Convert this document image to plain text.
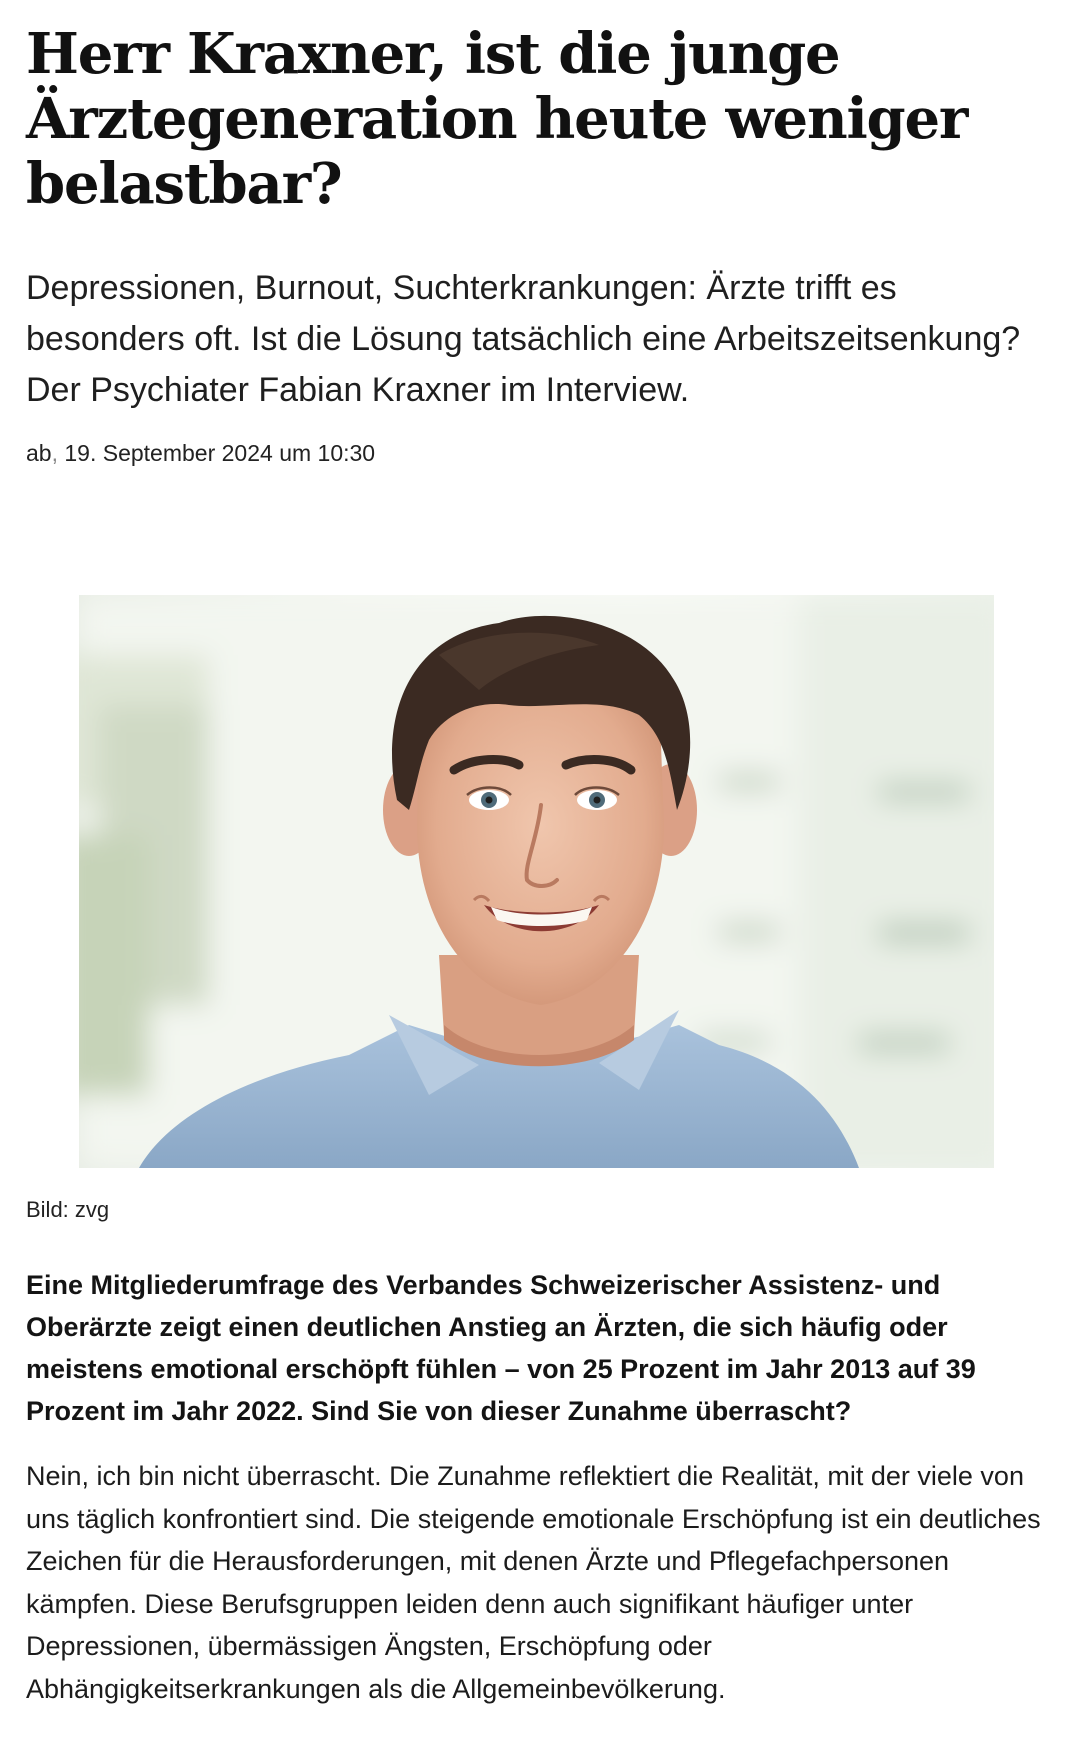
Herr Kraxner, ist die junge Ärztegeneration heute weniger belastbar?

Depressionen, Burnout, Suchterkrankungen: Ärzte trifft es besonders oft. Ist die Lösung tatsächlich eine Arbeitszeitsenkung? Der Psychiater Fabian Kraxner im Interview.

ab, 19. September 2024 um 10:30
Bild: zvg

Eine Mitgliederumfrage des Verbandes Schweizerischer Assistenz- und Oberärzte zeigt einen deutlichen Anstieg an Ärzten, die sich häufig oder meistens emotional erschöpft fühlen – von 25 Prozent im Jahr 2013 auf 39 Prozent im Jahr 2022. Sind Sie von dieser Zunahme überrascht?

Nein, ich bin nicht überrascht. Die Zunahme reflektiert die Realität, mit der viele von uns täglich konfrontiert sind. Die steigende emotionale Erschöpfung ist ein deutliches Zeichen für die Herausforderungen, mit denen Ärzte und Pflegefachpersonen kämpfen. Diese Berufsgruppen leiden denn auch signifikant häufiger unter Depressionen, übermässigen Ängsten, Erschöpfung oder Abhängigkeitserkrankungen als die Allgemeinbevölkerung.
